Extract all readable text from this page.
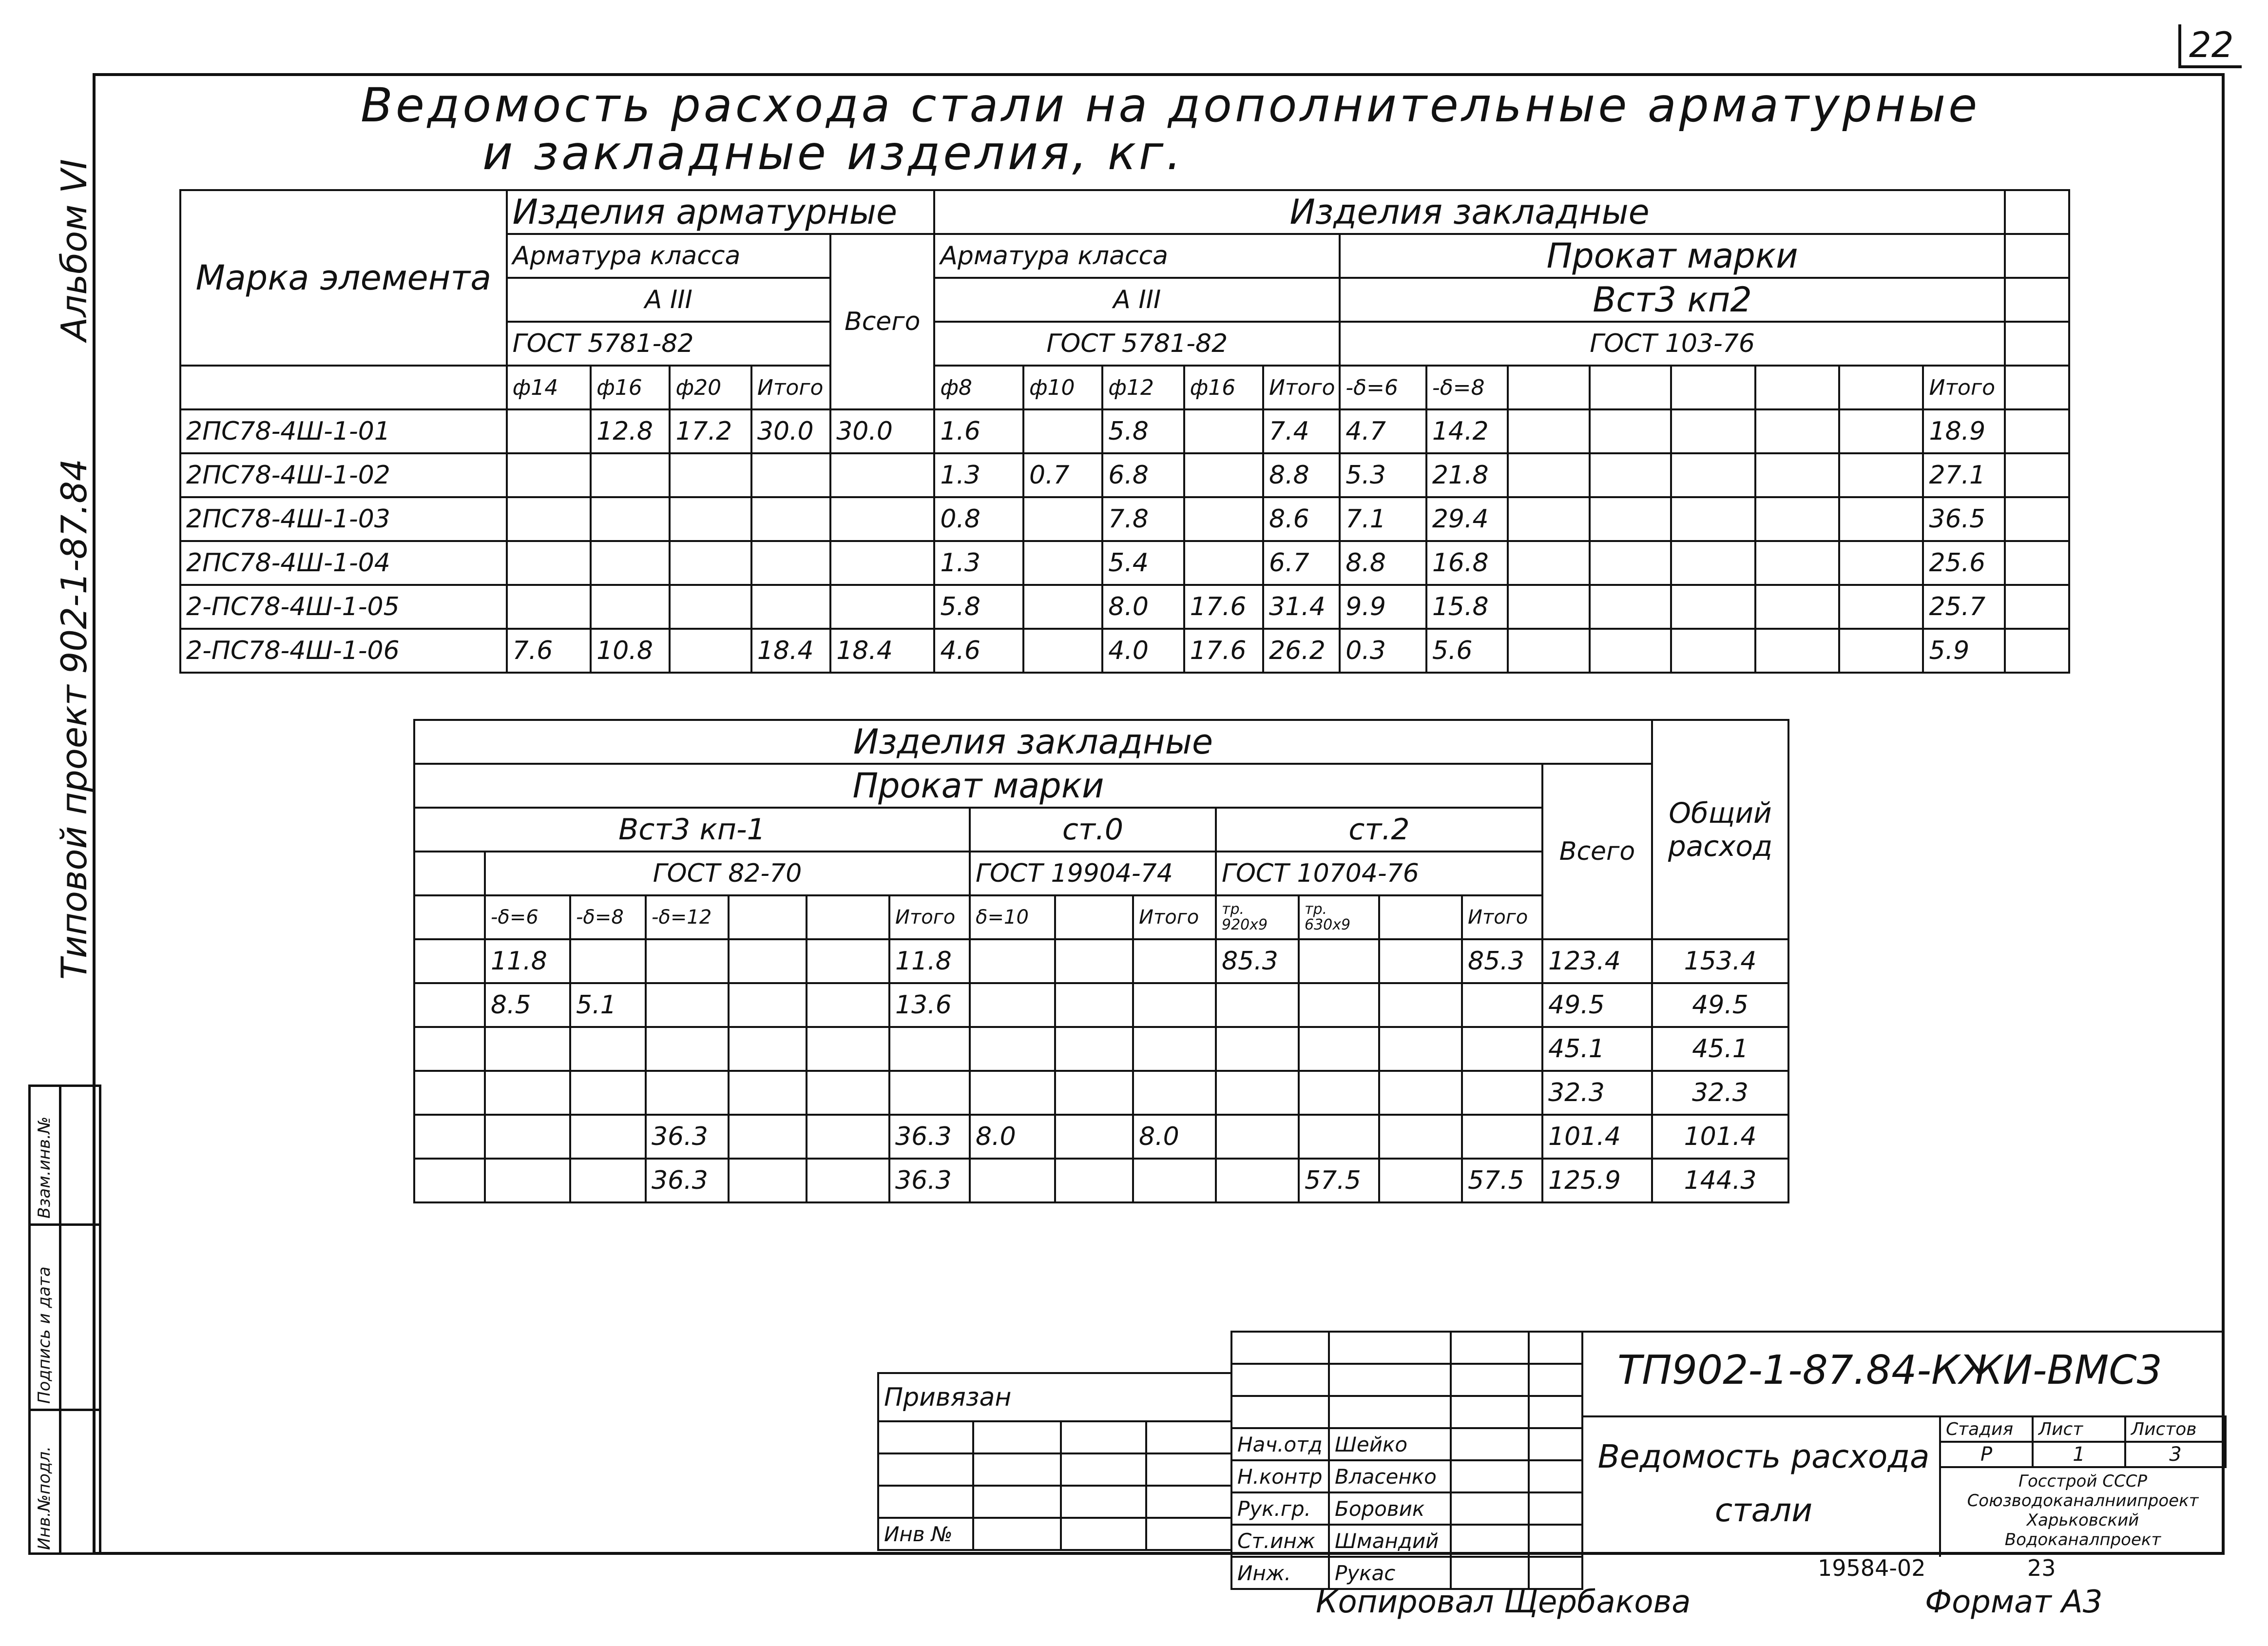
22
Ведомость расхода стали на дополнительные арматурные
и закладные изделия, кг.
Альбом VI
Типовой проект 902-1-87.84
Инв.№подл.
Подпись и дата
Взам.инв.№
Марка элемента	Изделия арматурные					Изделия закладные													
	Арматура класса				Всего	Арматура класса					Прокат марки								
	А III					А III					Вст3 кп2								
	ГОСТ 5781-82					ГОСТ 5781-82					ГОСТ 103-76								
	ф14	ф16	ф20	Итого		ф8	ф10	ф12	ф16	Итого	-δ=6	-δ=8						Итого	
2ПС78-4Ш-1-01		12.8	17.2	30.0	30.0	1.6		5.8		7.4	4.7	14.2						18.9	
2ПС78-4Ш-1-02						1.3	0.7	6.8		8.8	5.3	21.8						27.1	
2ПС78-4Ш-1-03						0.8		7.8		8.6	7.1	29.4						36.5	
2ПС78-4Ш-1-04						1.3		5.4		6.7	8.8	16.8						25.6	
2-ПС78-4Ш-1-05						5.8		8.0	17.6	31.4	9.9	15.8						25.7	
2-ПС78-4Ш-1-06	7.6	10.8		18.4	18.4	4.6		4.0	17.6	26.2	0.3	5.6						5.9	
Изделия закладные															Общий расход
Прокат марки														Всего	
Вст3 кп-1							ст.0			ст.2					
	ГОСТ 82-70						ГОСТ 19904-74			ГОСТ 10704-76					
	-δ=6	-δ=8	-δ=12			Итого	δ=10		Итого	тр. 920х9	тр. 630х9		Итого		
	11.8					11.8				85.3			85.3	123.4	153.4
	8.5	5.1				13.6								49.5	49.5
														45.1	45.1
														32.3	32.3
			36.3			36.3	8.0		8.0					101.4	101.4
			36.3			36.3					57.5		57.5	125.9	144.3
Привязан			

Инв №			

Нач.отд	Шейко		
Н.контр	Власенко		
Рук.гр.	Боровик		
Ст.инж	Шмандий		
Инж.	Рукас		
ТП902-1-87.84-КЖИ-ВМС3
Ведомость расхода стали
Стадия	Лист	Листов
Р	1	3
Госстрой СССР
Союзводоканалниипроект
Харьковский
Водоканалпроект
19584-02	23
Копировал Щербакова	Формат А3
